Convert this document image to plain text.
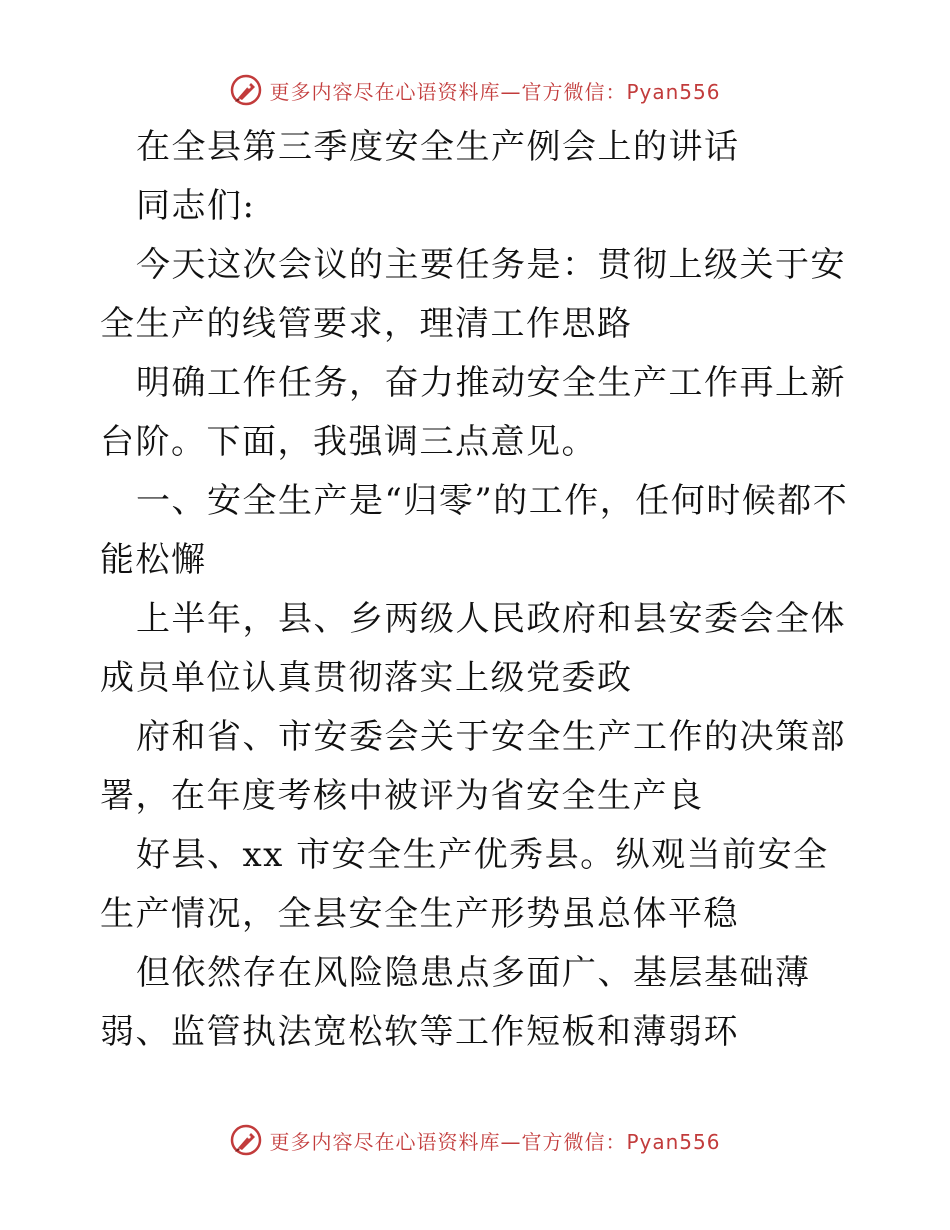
更多内容尽在心语资料库—官方微信：Pyan556

在全县第三季度安全生产例会上的讲话

同志们:

今天这次会议的主要任务是：贯彻上级关于安全生产的线管要求，理清工作思路

明确工作任务，奋力推动安全生产工作再上新台阶。下面，我强调三点意见。

一、安全生产是“归零”的工作，任何时候都不能松懈

上半年，县、乡两级人民政府和县安委会全体成员单位认真贯彻落实上级党委政

府和省、市安委会关于安全生产工作的决策部署，在年度考核中被评为省安全生产良

好县、xx 市安全生产优秀县。纵观当前安全生产情况，全县安全生产形势虽总体平稳

但依然存在风险隐患点多面广、基层基础薄弱、监管执法宽松软等工作短板和薄弱环

更多内容尽在心语资料库—官方微信：Pyan556
